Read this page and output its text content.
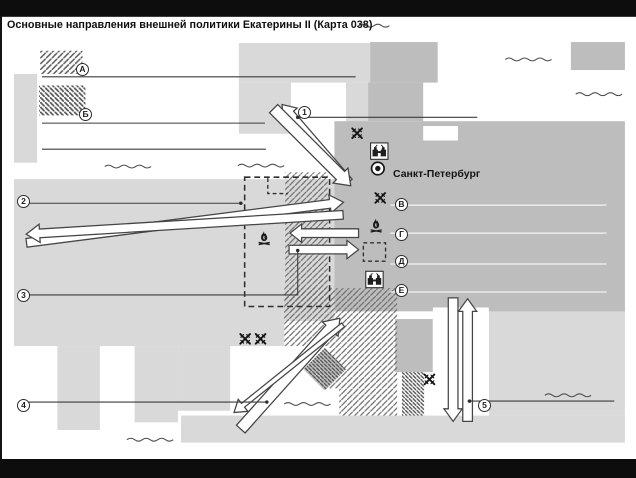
Основные направления внешней политики Екатерины II (Карта 038)
Санкт-Петербург
А
Б
В
Г
Д
Е
1
2
3
4	5
